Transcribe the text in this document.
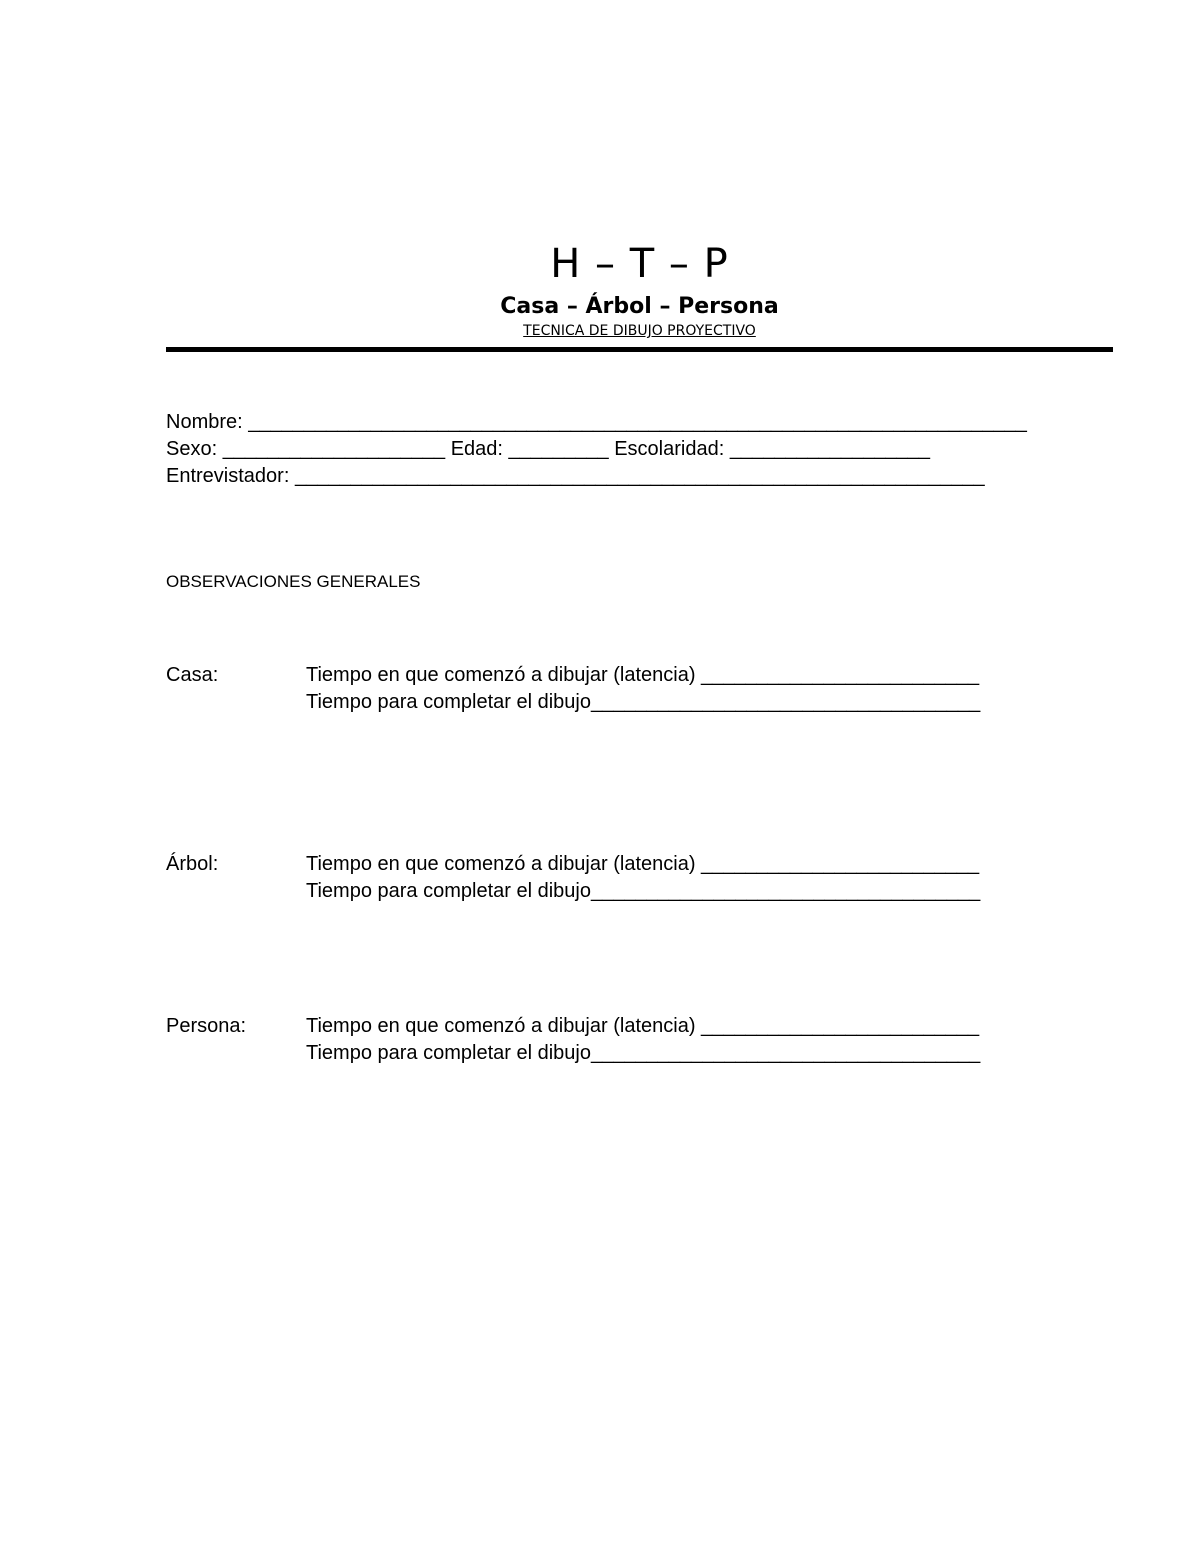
H – T – P
Casa – Árbol – Persona
TECNICA DE DIBUJO PROYECTIVO
Nombre: ______________________________________________________________________
Sexo: ____________________ Edad: _________ Escolaridad: __________________
Entrevistador: ______________________________________________________________
OBSERVACIONES GENERALES
Casa:	Tiempo en que comenzó a dibujar (latencia) _________________________
Tiempo para completar el dibujo___________________________________
Árbol:	Tiempo en que comenzó a dibujar (latencia) _________________________
Tiempo para completar el dibujo___________________________________
Persona:	Tiempo en que comenzó a dibujar (latencia) _________________________
Tiempo para completar el dibujo___________________________________
